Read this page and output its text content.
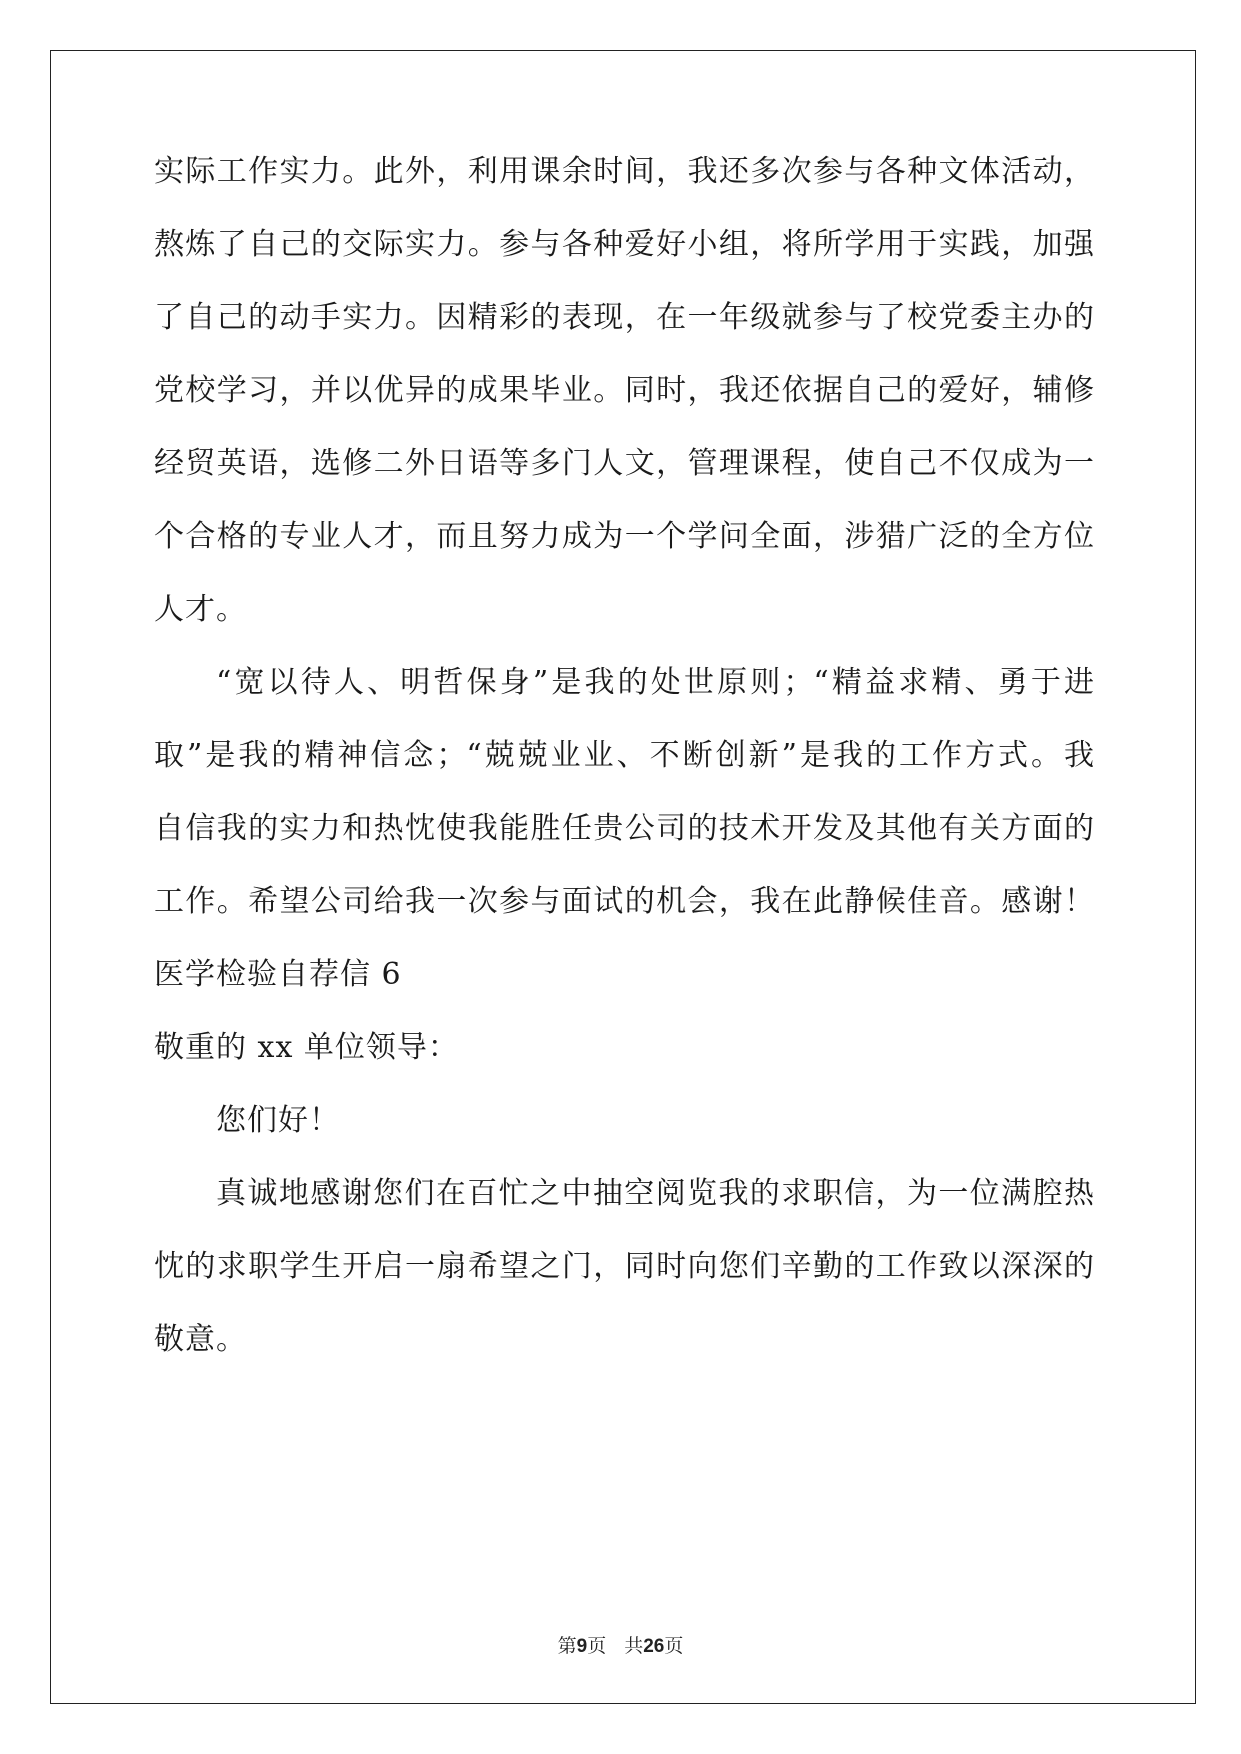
实际工作实力。此外，利用课余时间，我还多次参与各种文体活动，
熬炼了自己的交际实力。参与各种爱好小组，将所学用于实践，加强
了自己的动手实力。因精彩的表现，在一年级就参与了校党委主办的
党校学习，并以优异的成果毕业。同时，我还依据自己的爱好，辅修
经贸英语，选修二外日语等多门人文，管理课程，使自己不仅成为一
个合格的专业人才，而且努力成为一个学问全面，涉猎广泛的全方位
人才。
“宽以待人、明哲保身”是我的处世原则；“精益求精、勇于进
取”是我的精神信念；“兢兢业业、不断创新”是我的工作方式。我
自信我的实力和热忱使我能胜任贵公司的技术开发及其他有关方面的
工作。希望公司给我一次参与面试的机会，我在此静候佳音。感谢！
医学检验自荐信 6
敬重的 xx 单位领导：
您们好！
真诚地感谢您们在百忙之中抽空阅览我的求职信，为一位满腔热
忱的求职学生开启一扇希望之门，同时向您们辛勤的工作致以深深的
敬意。
第9页 共26页
